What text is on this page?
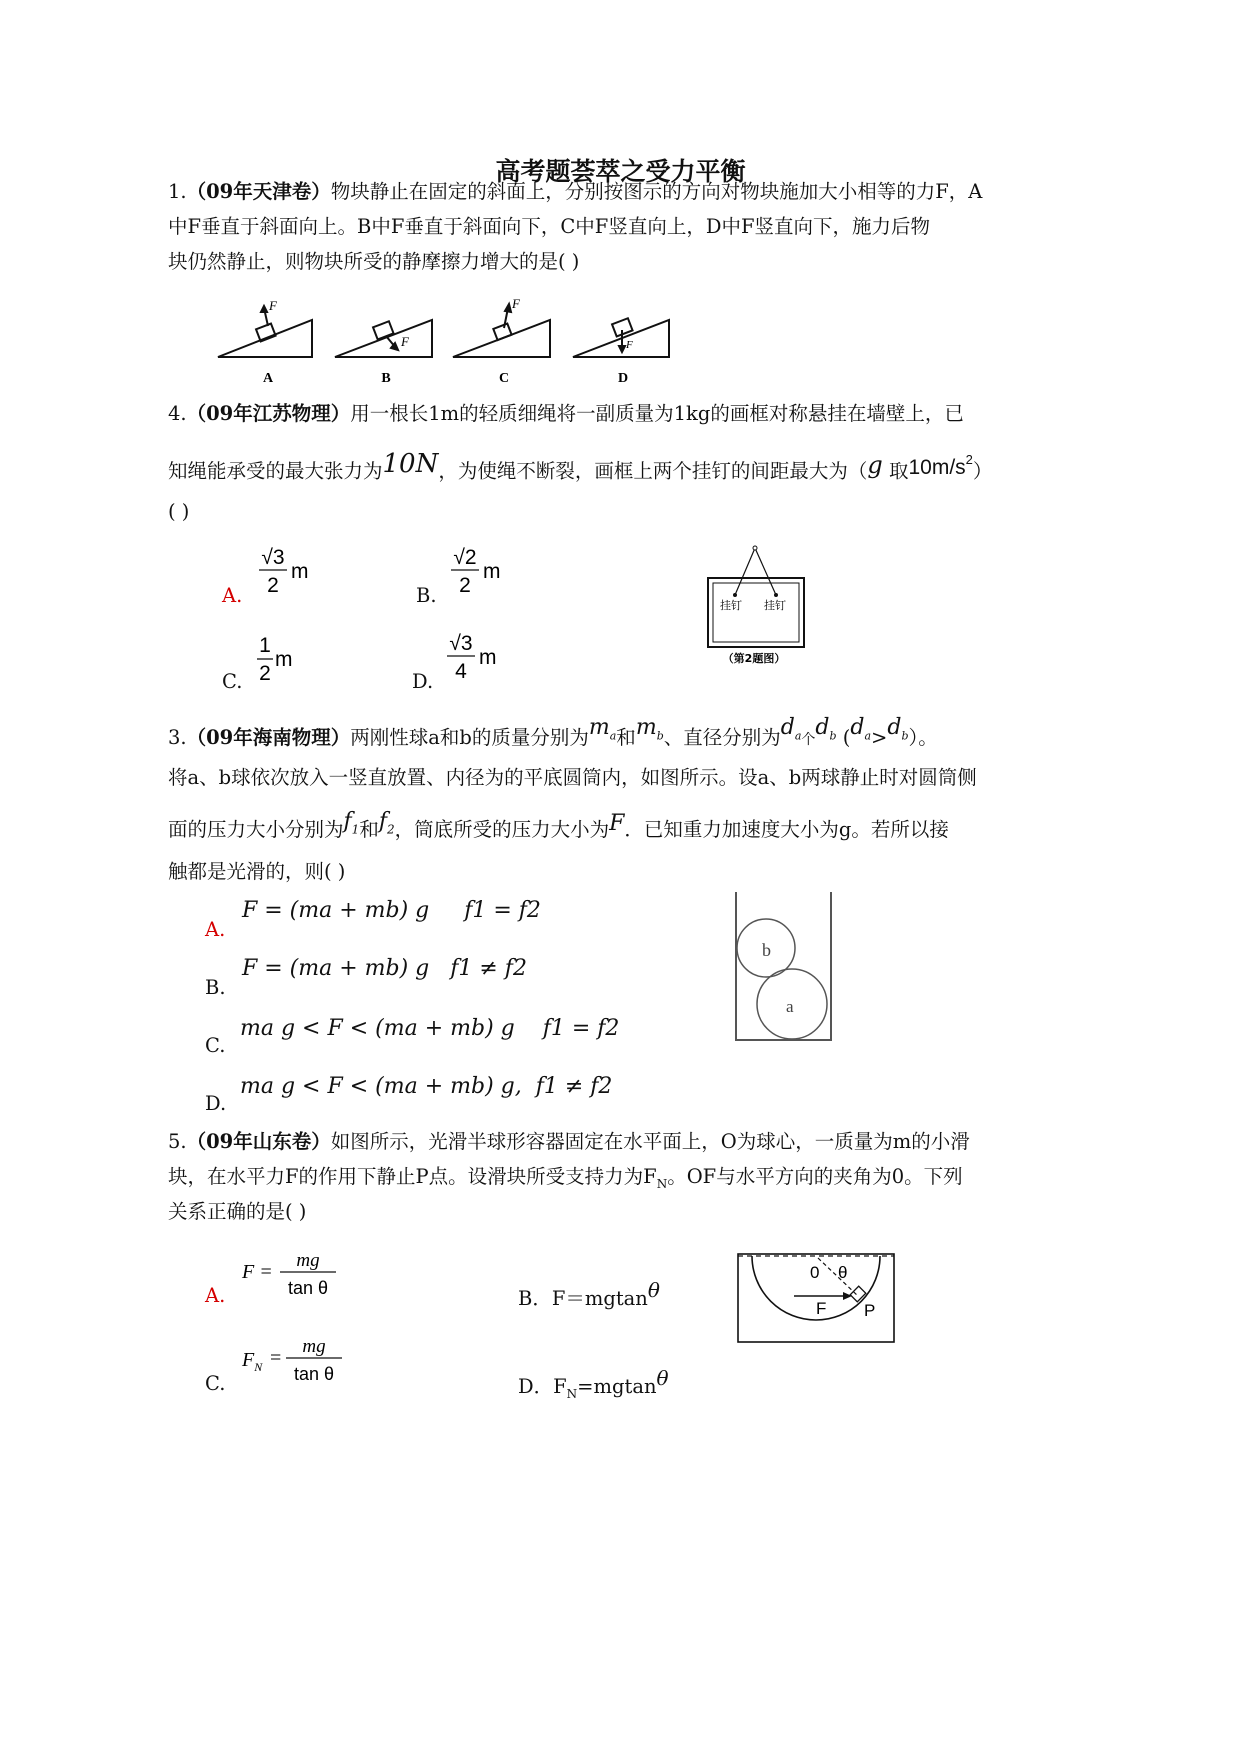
高考题荟萃之受力平衡
1.（09年天津卷）物块静止在固定的斜面上，分别按图示的方向对物块施加大小相等的力F，A
中F垂直于斜面向上。B中F垂直于斜面向下，C中F竖直向上，D中F竖直向下，施力后物
块仍然静止，则物块所受的静摩擦力增大的是( )
F
F
F
F
A	B	C	D
4.（09年江苏物理）用一根长1m的轻质细绳将一副质量为1kg的画框对称悬挂在墙壁上，已
知绳能承受的最大张力为10N，为使绳不断裂，画框上两个挂钉的间距最大为（g 取$10m/s^2$）
( )
A.
√3
2
m
B.
√2
2
m
C.
1
2
m
D.
√3
4
m
挂钉 挂钉
（第2题图）
3.（09年海南物理）两刚性球a和b的质量分别为$m_a$和$m_b$、直径分别为$d_a$个$d_b$ $(d_a>d_b)$。
将a、b球依次放入一竖直放置、内径为的平底圆筒内，如图所示。设a、b两球静止时对圆筒侧
面的压力大小分别为$f_1$和$f_2$，筒底所受的压力大小为F．已知重力加速度大小为g。若所以接
触都是光滑的，则( )
A.
F = (ma + mb) g     f1 = f2
B.
F = (ma + mb) g   f1 ≠ f2
C.
ma g < F < (ma + mb) g    f1 = f2
D.
ma g < F < (ma + mb) g,  f1 ≠ f2
b
a
5.（09年山东卷）如图所示，光滑半球形容器固定在水平面上，O为球心，一质量为m的小滑
块，在水平力F的作用下静止P点。设滑块所受支持力为$F_N$。OF与水平方向的夹角为0。下列
关系正确的是( )
A.
F =
mg
tan θ	B．F＝mgtanθ
C.
$F_N$ =
mg
tan θ
D．$F_N=mgtan\theta$
0 θ
F P
